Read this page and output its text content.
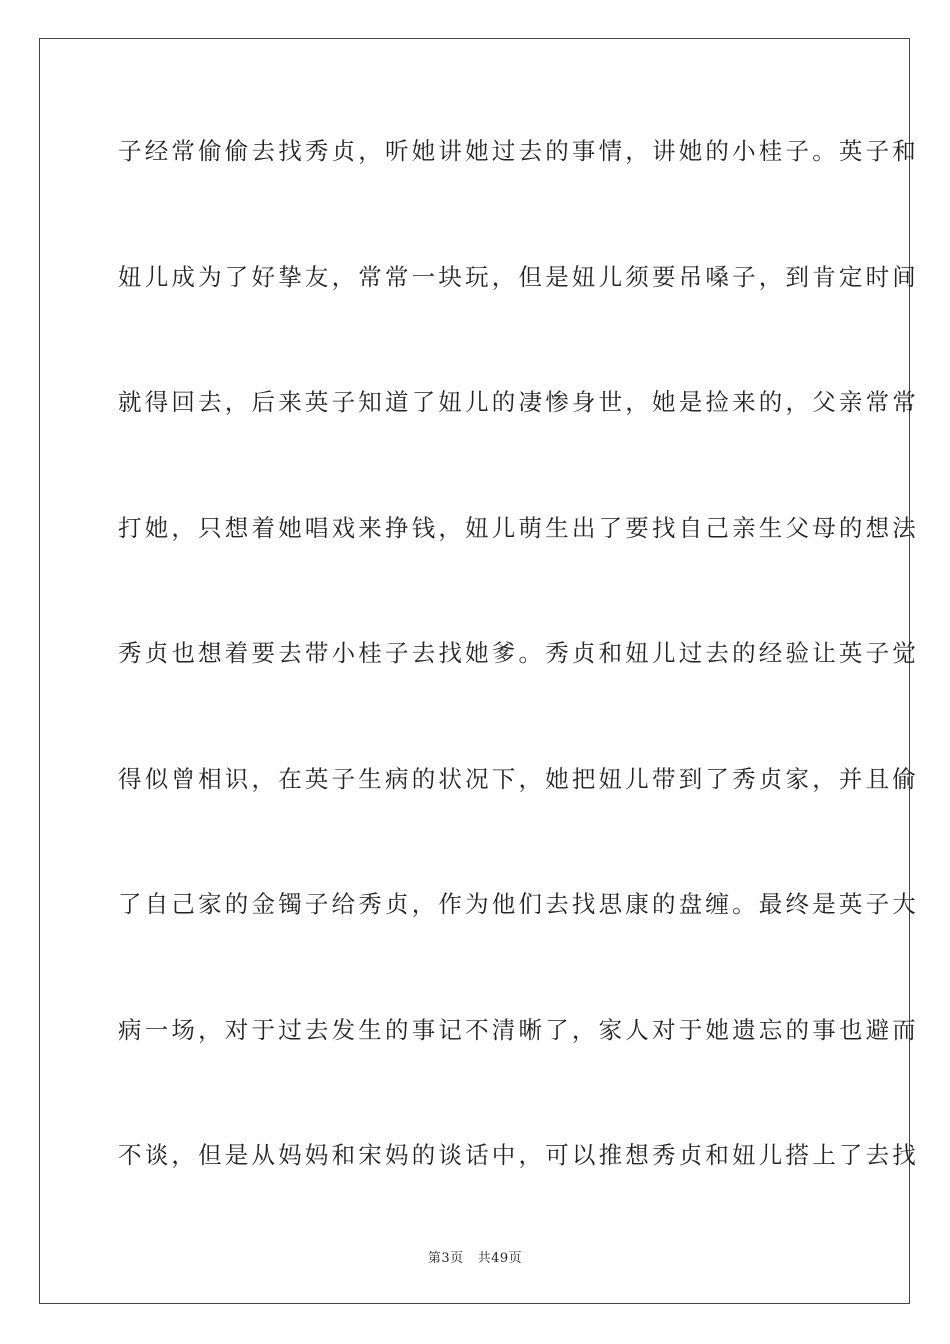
子经常偷偷去找秀贞，听她讲她过去的事情，讲她的小桂子。英子和
妞儿成为了好挚友，常常一块玩，但是妞儿须要吊嗓子，到肯定时间
就得回去，后来英子知道了妞儿的凄惨身世，她是捡来的，父亲常常
打她，只想着她唱戏来挣钱，妞儿萌生出了要找自己亲生父母的想法
秀贞也想着要去带小桂子去找她爹。秀贞和妞儿过去的经验让英子觉
得似曾相识，在英子生病的状况下，她把妞儿带到了秀贞家，并且偷
了自己家的金镯子给秀贞，作为他们去找思康的盘缠。最终是英子大
病一场，对于过去发生的事记不清晰了，家人对于她遗忘的事也避而
不谈，但是从妈妈和宋妈的谈话中，可以推想秀贞和妞儿搭上了去找
第3页 共49页
